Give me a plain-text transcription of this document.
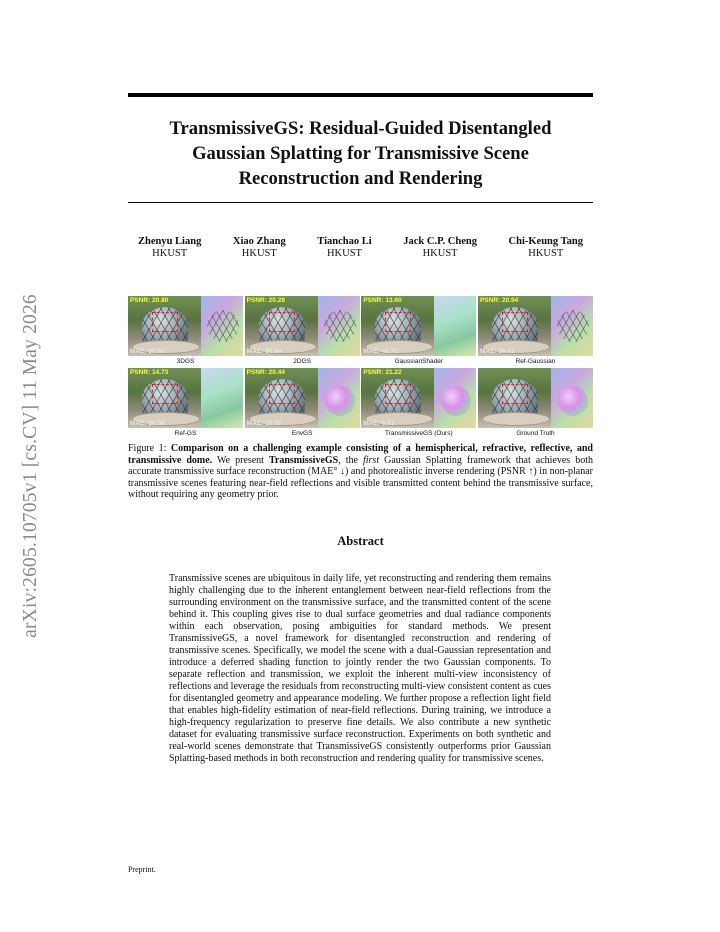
arXiv:2605.10705v1 [cs.CV] 11 May 2026
TransmissiveGS: Residual-Guided Disentangled
Gaussian Splatting for Transmissive Scene
Reconstruction and Rendering
Zhenyu Liang
HKUST
Xiao Zhang
HKUST
Tianchao Li
HKUST
Jack C.P. Cheng
HKUST
Chi-Keung Tang
HKUST
PSNR: 20.80
MAE: 39.62
3DGS
PSNR: 20.28
MAE: 36.94
2DGS
PSNR: 13.60
MAE: 41.71
GaussianShader
PSNR: 20.94
MAE: 39.47
Ref-Gaussian
PSNR: 14.73
MAE: 26.59
Ref-GS
PSNR: 20.44
MAE: 18.22
EnvGS
PSNR: 21.22
MAE: 6.61
TransmissiveGS (Ours)	Ground Truth

Figure 1: Comparison on a challenging example consisting of a hemispherical, refractive, reflective, and transmissive dome. We present TransmissiveGS, the first Gaussian Splatting framework that achieves both accurate transmissive surface reconstruction (MAE° ↓) and photorealistic inverse rendering (PSNR ↑) in non-planar transmissive scenes featuring near-field reflections and visible transmitted content behind the transmissive surface, without requiring any geometry prior.

Abstract

Transmissive scenes are ubiquitous in daily life, yet reconstructing and rendering them remains highly challenging due to the inherent entanglement between near-field reflections from the surrounding environment on the transmissive surface, and the transmitted content of the scene behind it. This coupling gives rise to dual surface geometries and dual radiance components within each observation, posing ambiguities for standard methods. We present TransmissiveGS, a novel framework for disentangled reconstruction and rendering of transmissive scenes. Specifically, we model the scene with a dual-Gaussian representation and introduce a deferred shading function to jointly render the two Gaussian components. To separate reflection and transmission, we exploit the inherent multi-view inconsistency of reflections and leverage the residuals from reconstructing multi-view consistent content as cues for disentangled geometry and appearance modeling. We further propose a reflection light field that enables high-fidelity estimation of near-field reflections. During training, we introduce a high-frequency regularization to preserve fine details. We also contribute a new synthetic dataset for evaluating transmissive surface reconstruction. Experiments on both synthetic and real-world scenes demonstrate that TransmissiveGS consistently outperforms prior Gaussian Splatting-based methods in both reconstruction and rendering quality for transmissive scenes.

Preprint.
